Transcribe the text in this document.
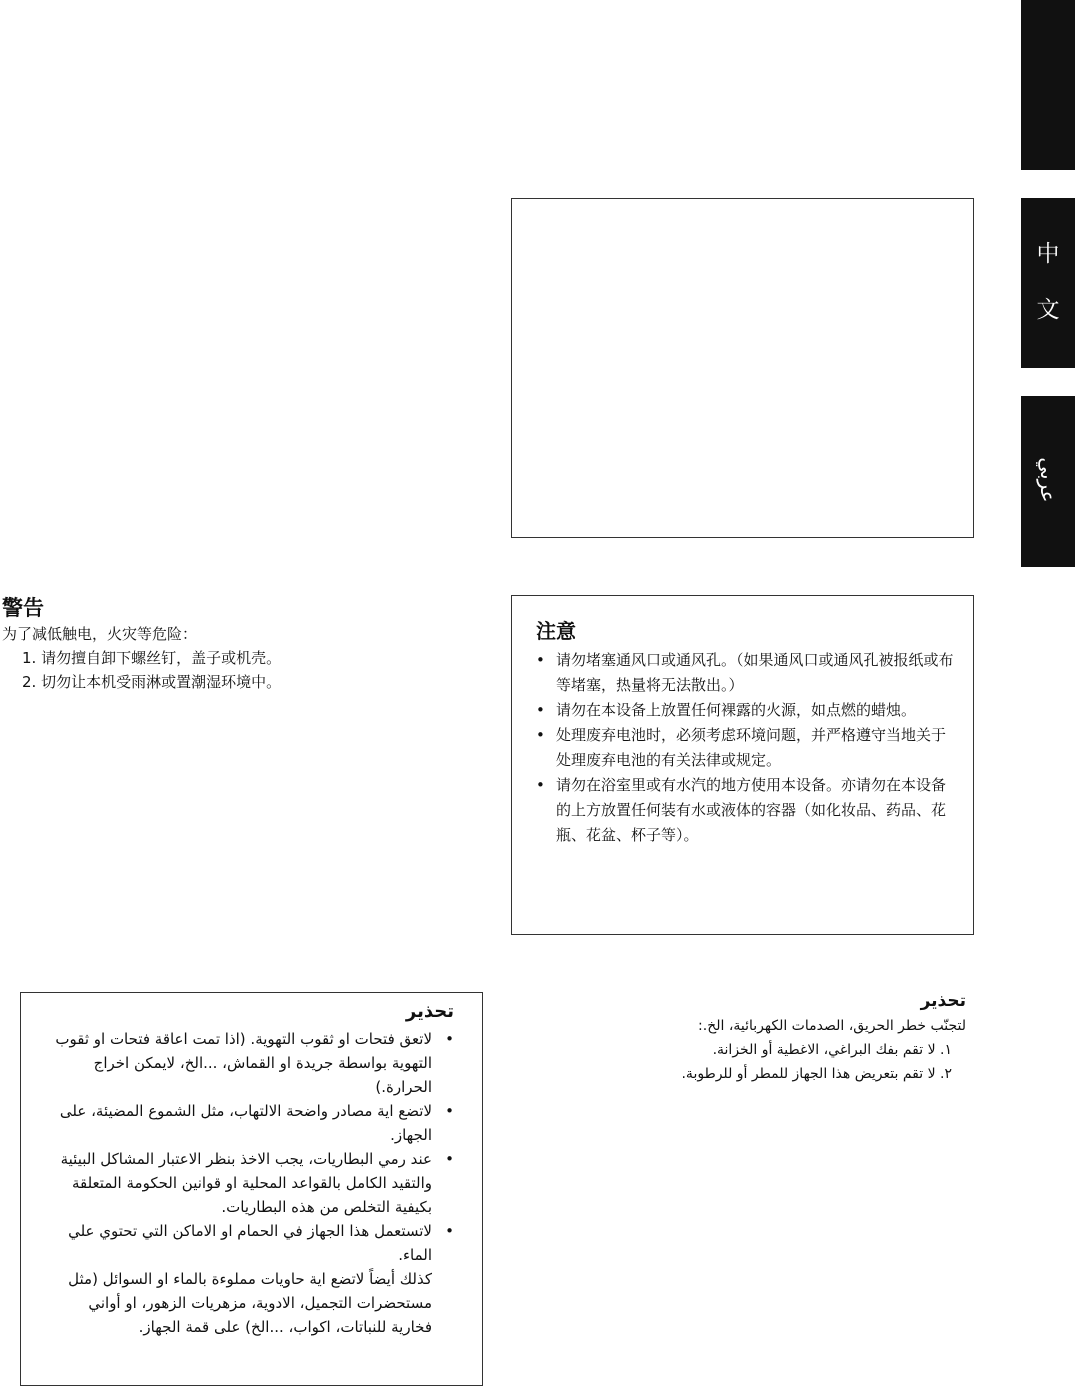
中
文
عربي
警告

为了减低触电，火灾等危险：

1. 请勿擅自卸下螺丝钉，盖子或机壳。
2. 切勿让本机受雨淋或置潮湿环境中。
注意
• 请勿堵塞通风口或通风孔。（如果通风口或通风孔被报纸或布等堵塞，热量将无法散出。）
• 请勿在本设备上放置任何裸露的火源，如点燃的蜡烛。
• 处理废弃电池时，必须考虑环境问题，并严格遵守当地关于处理废弃电池的有关法律或规定。
• 请勿在浴室里或有水汽的地方使用本设备。亦请勿在本设备的上方放置任何装有水或液体的容器（如化妆品、药品、花瓶、花盆、杯子等）。
تحذير
•
لاتعق فتحات او ثقوب التهوية. (اذا تمت اعاقة فتحات او ثقوب التهوية بواسطة جريدة او القماش، ...الخ، لايمكن اخراج الحرارة.)
•
لاتضع اية مصادر واضحة الالتهاب، مثل الشموع المضيئة، على الجهاز.
•
عند رمي البطاريات، يجب الاخذ بنظر الاعتبار المشاكل البيئية والتقيد الكامل بالقواعد المحلية او قوانين الحكومة المتعلقة بكيفية التخلص من هذه البطاريات.
•
لاتستعمل هذا الجهاز في الحمام او الاماكن التي تحتوي علي الماء.
كذلك أيضاً لاتضع اية حاويات مملوءة بالماء او السوائل (مثل مستحضرات التجميل، الادوية، مزهريات الزهور، او أواني فخارية للنباتات، اكواب، ...الخ) على قمة الجهاز.
تحذير

لتجنّب خطر الحريق، الصدمات الكهربائية، الخ.:

١. لا تقم بفك البراغي، الاغطية أو الخزانة.
٢. لا تقم بتعريض هذا الجهاز للمطر أو للرطوبة.
